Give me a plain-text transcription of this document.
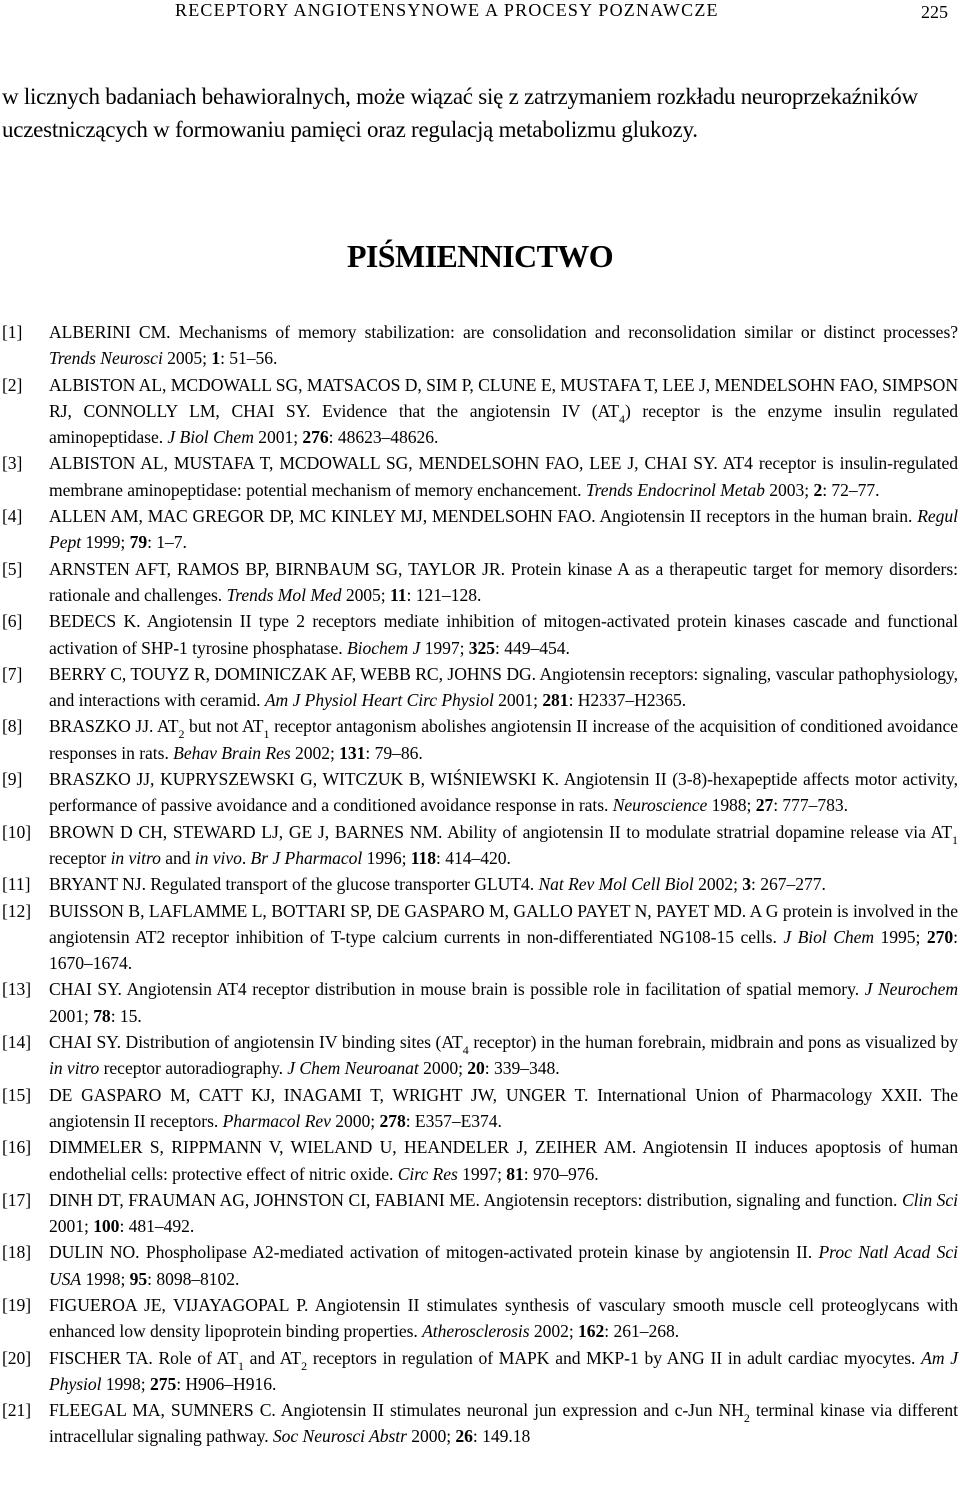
RECEPTORY ANGIOTENSYNOWE A PROCESY POZNAWCZE	225

w licznych badaniach behawioralnych, może wiązać się z zatrzymaniem rozkładu neuroprzekaźników uczestniczących w formowaniu pamięci oraz regulacją metabolizmu glukozy.

PIŚMIENNICTWO
[1] ALBERINI CM. Mechanisms of memory stabilization: are consolidation and reconsolidation similar or distinct processes? Trends Neurosci 2005; 1: 51–56.
[2] ALBISTON AL, MCDOWALL SG, MATSACOS D, SIM P, CLUNE E, MUSTAFA T, LEE J, MENDELSOHN FAO, SIMPSON RJ, CONNOLLY LM, CHAI SY. Evidence that the angiotensin IV $(AT_4)$ receptor is the enzyme insulin regulated aminopeptidase. J Biol Chem 2001; 276: 48623–48626.
[3] ALBISTON AL, MUSTAFA T, MCDOWALL SG, MENDELSOHN FAO, LEE J, CHAI SY. AT4 receptor is insulin-regulated membrane aminopeptidase: potential mechanism of memory enchancement. Trends Endocrinol Metab 2003; 2: 72–77.
[4] ALLEN AM, MAC GREGOR DP, MC KINLEY MJ, MENDELSOHN FAO. Angiotensin II receptors in the human brain. Regul Pept 1999; 79: 1–7.
[5] ARNSTEN AFT, RAMOS BP, BIRNBAUM SG, TAYLOR JR. Protein kinase A as a therapeutic target for memory disorders: rationale and challenges. Trends Mol Med 2005; 11: 121–128.
[6] BEDECS K. Angiotensin II type 2 receptors mediate inhibition of mitogen-activated protein kinases cascade and functional activation of SHP-1 tyrosine phosphatase. Biochem J 1997; 325: 449–454.
[7] BERRY C, TOUYZ R, DOMINICZAK AF, WEBB RC, JOHNS DG. Angiotensin receptors: signaling, vascular pathophysiology, and interactions with ceramid. Am J Physiol Heart Circ Physiol 2001; 281: H2337–H2365.
[8] BRASZKO JJ. $AT_2$ but not $AT_1$ receptor antagonism abolishes angiotensin II increase of the acquisition of conditioned avoidance responses in rats. Behav Brain Res 2002; 131: 79–86.
[9] BRASZKO JJ, KUPRYSZEWSKI G, WITCZUK B, WIŚNIEWSKI K. Angiotensin II (3-8)-hexapeptide affects motor activity, performance of passive avoidance and a conditioned avoidance response in rats. Neuroscience 1988; 27: 777–783.
[10] BROWN D CH, STEWARD LJ, GE J, BARNES NM. Ability of angiotensin II to modulate stratrial dopamine release via $AT_1$ receptor in vitro and in vivo. Br J Pharmacol 1996; 118: 414–420.
[11] BRYANT NJ. Regulated transport of the glucose transporter GLUT4. Nat Rev Mol Cell Biol 2002; 3: 267–277.
[12] BUISSON B, LAFLAMME L, BOTTARI SP, DE GASPARO M, GALLO PAYET N, PAYET MD. A G protein is involved in the angiotensin AT2 receptor inhibition of T-type calcium currents in non-differentiated NG108-15 cells. J Biol Chem 1995; 270: 1670–1674.
[13] CHAI SY. Angiotensin AT4 receptor distribution in mouse brain is possible role in facilitation of spatial memory. J Neurochem 2001; 78: 15.
[14] CHAI SY. Distribution of angiotensin IV binding sites ($AT_4$ receptor) in the human forebrain, midbrain and pons as visualized by in vitro receptor autoradiography. J Chem Neuroanat 2000; 20: 339–348.
[15] DE GASPARO M, CATT KJ, INAGAMI T, WRIGHT JW, UNGER T. International Union of Pharmacology XXII. The angiotensin II receptors. Pharmacol Rev 2000; 278: E357–E374.
[16] DIMMELER S, RIPPMANN V, WIELAND U, HEANDELER J, ZEIHER AM. Angiotensin II induces apoptosis of human endothelial cells: protective effect of nitric oxide. Circ Res 1997; 81: 970–976.
[17] DINH DT, FRAUMAN AG, JOHNSTON CI, FABIANI ME. Angiotensin receptors: distribution, signaling and function. Clin Sci 2001; 100: 481–492.
[18] DULIN NO. Phospholipase A2-mediated activation of mitogen-activated protein kinase by angiotensin II. Proc Natl Acad Sci USA 1998; 95: 8098–8102.
[19] FIGUEROA JE, VIJAYAGOPAL P. Angiotensin II stimulates synthesis of vasculary smooth muscle cell proteoglycans with enhanced low density lipoprotein binding properties. Atherosclerosis 2002; 162: 261–268.
[20] FISCHER TA. Role of $AT_1$ and $AT_2$ receptors in regulation of MAPK and MKP-1 by ANG II in adult cardiac myocytes. Am J Physiol 1998; 275: H906–H916.
[21] FLEEGAL MA, SUMNERS C. Angiotensin II stimulates neuronal jun expression and c-Jun $NH_2$ terminal kinase via different intracellular signaling pathway. Soc Neurosci Abstr 2000; 26: 149.18
